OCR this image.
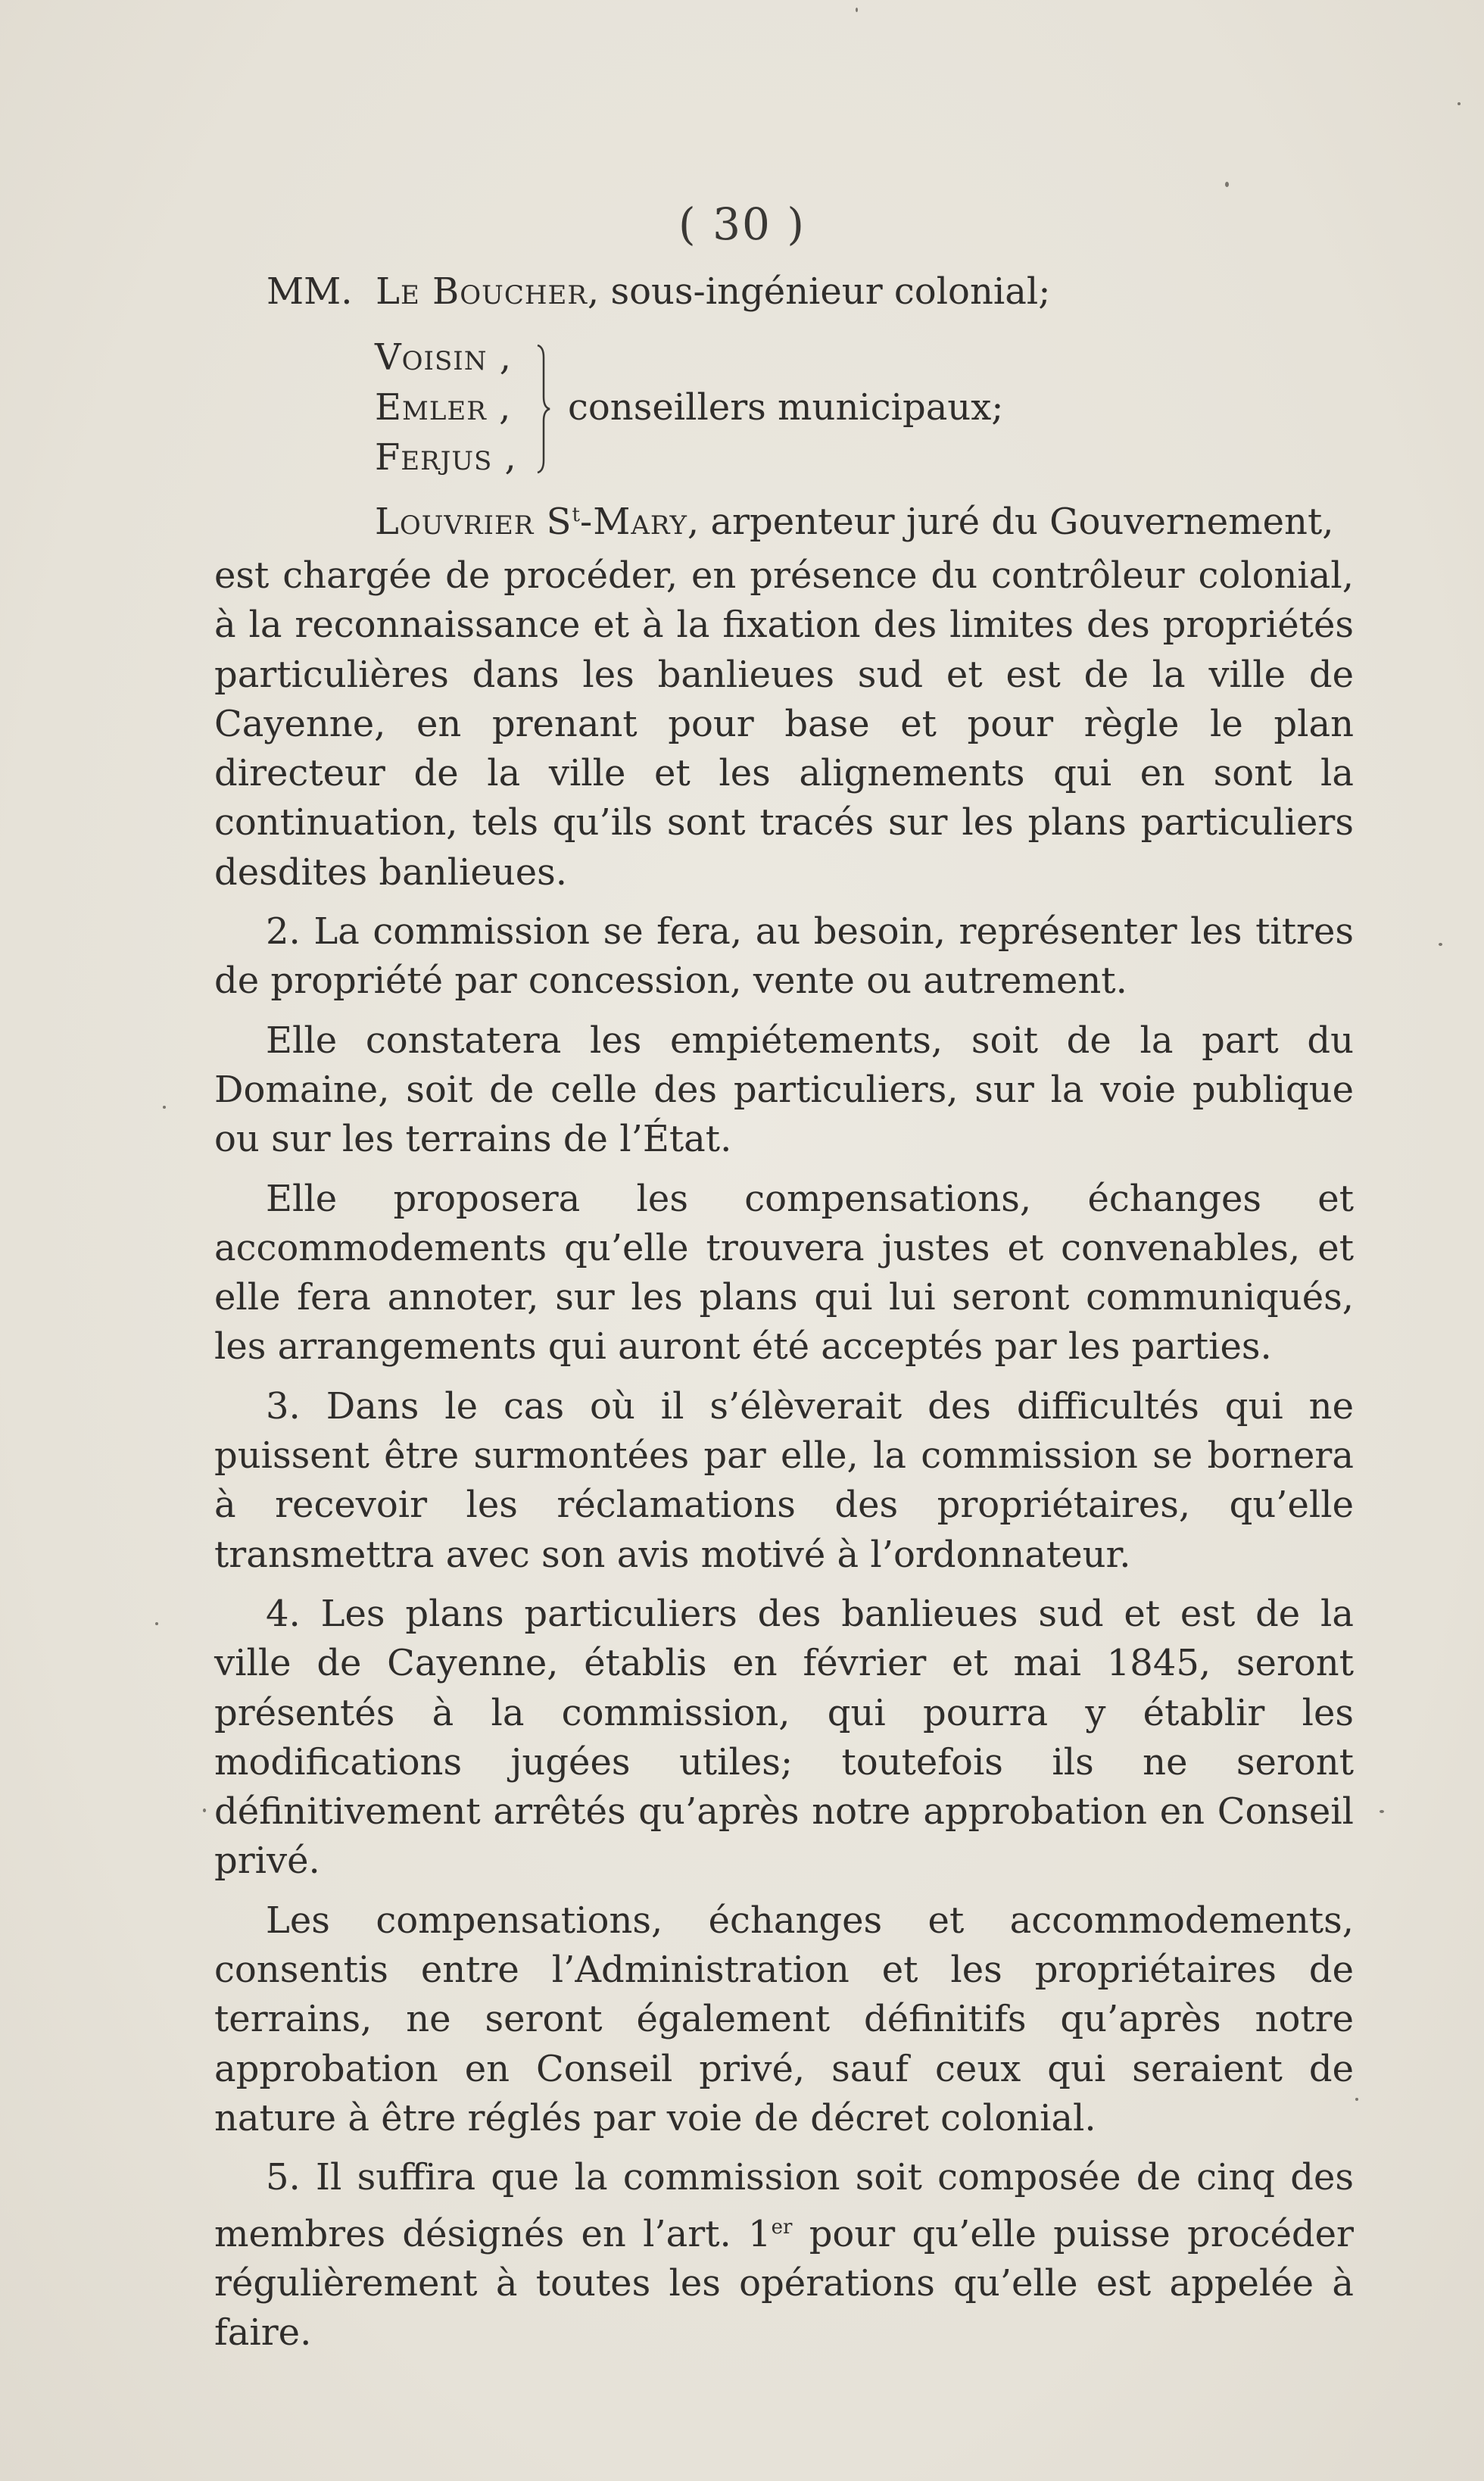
( 30 )
MM. Le Boucher, sous-ingénieur colonial;
Voisin ,
Emler ,
Ferjus ,
conseillers municipaux;
Louvrier $S^t$-Mary, arpenteur juré du Gouvernement,

est chargée de procéder, en présence du contrôleur colonial, à la reconnaissance et à la fixation des limites des propriétés particulières dans les banlieues sud et est de la ville de Cayenne, en prenant pour base et pour règle le plan directeur de la ville et les alignements qui en sont la continuation, tels qu’ils sont tracés sur les plans particuliers desdites banlieues.

2. La commission se fera, au besoin, représenter les titres de propriété par concession, vente ou autrement.

Elle constatera les empiétements, soit de la part du Domaine, soit de celle des particuliers, sur la voie publique ou sur les terrains de l’État.

Elle proposera les compensations, échanges et accommodements qu’elle trouvera justes et convenables, et elle fera annoter, sur les plans qui lui seront communiqués, les arrangements qui auront été acceptés par les parties.

3. Dans le cas où il s’élèverait des difficultés qui ne puissent être surmontées par elle, la commission se bornera à recevoir les réclamations des propriétaires, qu’elle transmettra avec son avis motivé à l’ordonnateur.

4. Les plans particuliers des banlieues sud et est de la ville de Cayenne, établis en février et mai 1845, seront présentés à la commission, qui pourra y établir les modifications jugées utiles; toutefois ils ne seront définitivement arrêtés qu’après notre approbation en Conseil privé.

Les compensations, échanges et accommodements, consentis entre l’Administration et les propriétaires de terrains, ne seront également définitifs qu’après notre approbation en Conseil privé, sauf ceux qui seraient de nature à être réglés par voie de décret colonial.

5. Il suffira que la commission soit composée de cinq des membres désignés en l’art. 1er pour qu’elle puisse procéder régulièrement à toutes les opérations qu’elle est appelée à faire.
